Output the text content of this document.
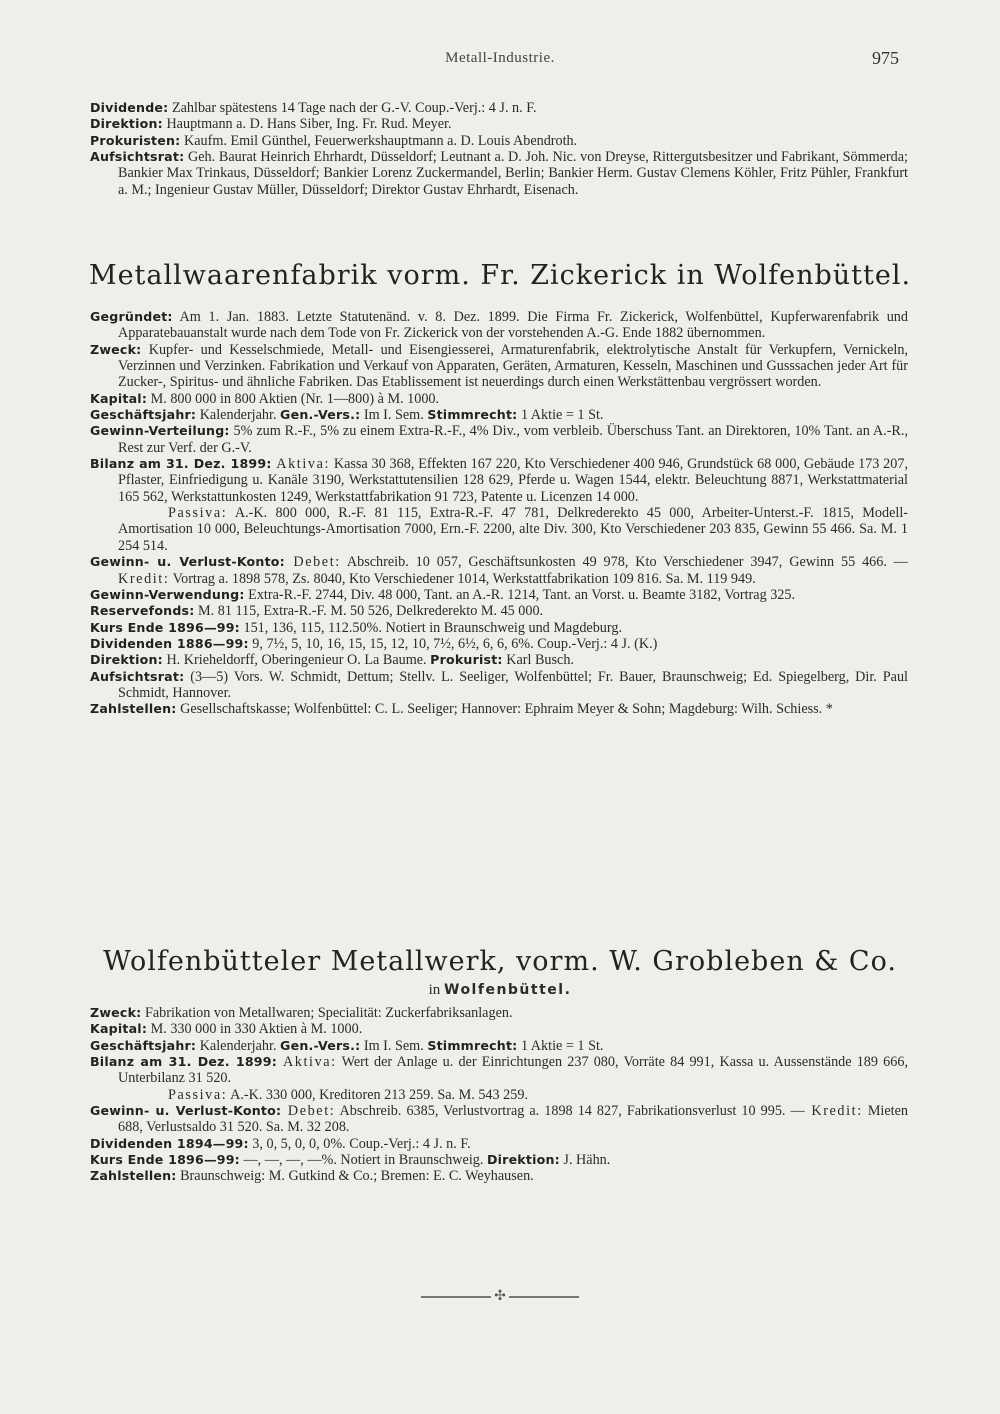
Metall-Industrie.	975

Dividende: Zahlbar spätestens 14 Tage nach der G.-V. Coup.-Verj.: 4 J. n. F.

Direktion: Hauptmann a. D. Hans Siber, Ing. Fr. Rud. Meyer.

Prokuristen: Kaufm. Emil Günthel, Feuerwerkshauptmann a. D. Louis Abendroth.

Aufsichtsrat: Geh. Baurat Heinrich Ehrhardt, Düsseldorf; Leutnant a. D. Joh. Nic. von Dreyse, Rittergutsbesitzer und Fabrikant, Sömmerda; Bankier Max Trinkaus, Düsseldorf; Bankier Lorenz Zuckermandel, Berlin; Bankier Herm. Gustav Clemens Köhler, Fritz Pühler, Frankfurt a. M.; Ingenieur Gustav Müller, Düsseldorf; Direktor Gustav Ehrhardt, Eisenach.

Metallwaarenfabrik vorm. Fr. Zickerick in Wolfenbüttel.

Gegründet: Am 1. Jan. 1883. Letzte Statutenänd. v. 8. Dez. 1899. Die Firma Fr. Zickerick, Wolfenbüttel, Kupferwarenfabrik und Apparatebauanstalt wurde nach dem Tode von Fr. Zickerick von der vorstehenden A.-G. Ende 1882 übernommen.

Zweck: Kupfer- und Kesselschmiede, Metall- und Eisengiesserei, Armaturenfabrik, elektrolytische Anstalt für Verkupfern, Vernickeln, Verzinnen und Verzinken. Fabrikation und Verkauf von Apparaten, Geräten, Armaturen, Kesseln, Maschinen und Gusssachen jeder Art für Zucker-, Spiritus- und ähnliche Fabriken. Das Etablissement ist neuerdings durch einen Werkstättenbau vergrössert worden.

Kapital: M. 800 000 in 800 Aktien (Nr. 1—800) à M. 1000.

Geschäftsjahr: Kalenderjahr. Gen.-Vers.: Im I. Sem. Stimmrecht: 1 Aktie = 1 St.

Gewinn-Verteilung: 5% zum R.-F., 5% zu einem Extra-R.-F., 4% Div., vom verbleib. Überschuss Tant. an Direktoren, 10% Tant. an A.-R., Rest zur Verf. der G.-V.

Bilanz am 31. Dez. 1899: Aktiva: Kassa 30 368, Effekten 167 220, Kto Verschiedener 400 946, Grundstück 68 000, Gebäude 173 207, Pflaster, Einfriedigung u. Kanäle 3190, Werkstattutensilien 128 629, Pferde u. Wagen 1544, elektr. Beleuchtung 8871, Werkstattmaterial 165 562, Werkstattunkosten 1249, Werkstattfabrikation 91 723, Patente u. Licenzen 14 000.
Passiva: A.-K. 800 000, R.-F. 81 115, Extra-R.-F. 47 781, Delkrederekto 45 000, Arbeiter-Unterst.-F. 1815, Modell-Amortisation 10 000, Beleuchtungs-Amortisation 7000, Ern.-F. 2200, alte Div. 300, Kto Verschiedener 203 835, Gewinn 55 466. Sa. M. 1 254 514.

Gewinn- u. Verlust-Konto: Debet: Abschreib. 10 057, Geschäftsunkosten 49 978, Kto Verschiedener 3947, Gewinn 55 466. — Kredit: Vortrag a. 1898 578, Zs. 8040, Kto Verschiedener 1014, Werkstattfabrikation 109 816. Sa. M. 119 949.

Gewinn-Verwendung: Extra-R.-F. 2744, Div. 48 000, Tant. an A.-R. 1214, Tant. an Vorst. u. Beamte 3182, Vortrag 325.

Reservefonds: M. 81 115, Extra-R.-F. M. 50 526, Delkrederekto M. 45 000.

Kurs Ende 1896—99: 151, 136, 115, 112.50%. Notiert in Braunschweig und Magdeburg.

Dividenden 1886—99: 9, 7½, 5, 10, 16, 15, 15, 12, 10, 7½, 6½, 6, 6, 6%. Coup.-Verj.: 4 J. (K.)

Direktion: H. Krieheldorff, Oberingenieur O. La Baume. Prokurist: Karl Busch.

Aufsichtsrat: (3—5) Vors. W. Schmidt, Dettum; Stellv. L. Seeliger, Wolfenbüttel; Fr. Bauer, Braunschweig; Ed. Spiegelberg, Dir. Paul Schmidt, Hannover.

Zahlstellen: Gesellschaftskasse; Wolfenbüttel: C. L. Seeliger; Hannover: Ephraim Meyer & Sohn; Magdeburg: Wilh. Schiess. *

Wolfenbütteler Metallwerk, vorm. W. Grobleben & Co.
in Wolfenbüttel.

Zweck: Fabrikation von Metallwaren; Specialität: Zuckerfabriksanlagen.

Kapital: M. 330 000 in 330 Aktien à M. 1000.

Geschäftsjahr: Kalenderjahr. Gen.-Vers.: Im I. Sem. Stimmrecht: 1 Aktie = 1 St.

Bilanz am 31. Dez. 1899: Aktiva: Wert der Anlage u. der Einrichtungen 237 080, Vorräte 84 991, Kassa u. Aussenstände 189 666, Unterbilanz 31 520.
Passiva: A.-K. 330 000, Kreditoren 213 259. Sa. M. 543 259.

Gewinn- u. Verlust-Konto: Debet: Abschreib. 6385, Verlustvortrag a. 1898 14 827, Fabrikationsverlust 10 995. — Kredit: Mieten 688, Verlustsaldo 31 520. Sa. M. 32 208.

Dividenden 1894—99: 3, 0, 5, 0, 0, 0%. Coup.-Verj.: 4 J. n. F.

Kurs Ende 1896—99: —, —, —, —%. Notiert in Braunschweig. Direktion: J. Hähn.

Zahlstellen: Braunschweig: M. Gutkind & Co.; Bremen: E. C. Weyhausen.

✣
